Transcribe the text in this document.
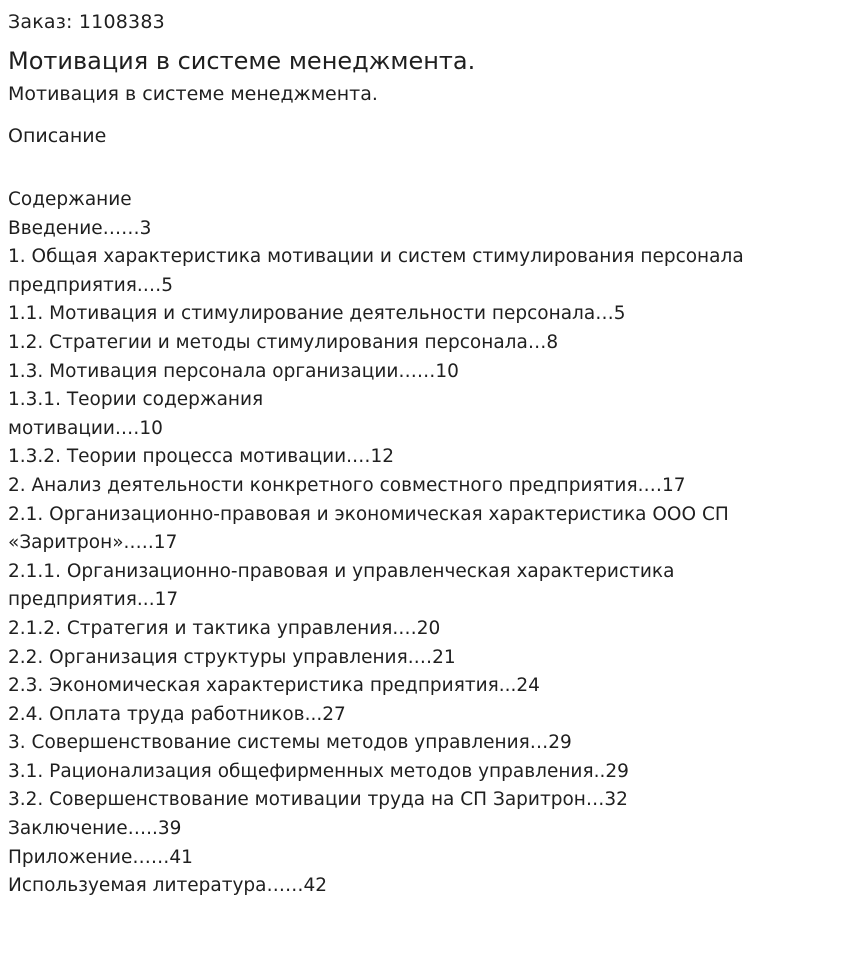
Заказ: 1108383
Мотивация в системе менеджмента.
Мотивация в системе менеджмента.
Описание
Содержание
Введение……3
1. Общая характеристика мотивации и систем стимулирования персонала
предприятия.…5
1.1. Мотивация и стимулирование деятельности персонала…5
1.2. Стратегии и методы стимулирования персонала…8
1.3. Мотивация персонала организации……10
1.3.1. Теории содержания
мотивации.…10
1.3.2. Теории процесса мотивации.…12
2. Анализ деятельности конкретного совместного предприятия.…17
2.1. Организационно-правовая и экономическая характеристика ООО СП
«Заритрон».….17
2.1.1. Организационно-правовая и управленческая характеристика
предприятия...17
2.1.2. Стратегия и тактика управления.…20
2.2. Организация структуры управления.…21
2.3. Экономическая характеристика предприятия...24
2.4. Оплата труда работников...27
3. Совершенствование системы методов управления…29
3.1. Рационализация общефирменных методов управления..29
3.2. Совершенствование мотивации труда на СП Заритрон…32
Заключение…..39
Приложение……41
Используемая литература……42
